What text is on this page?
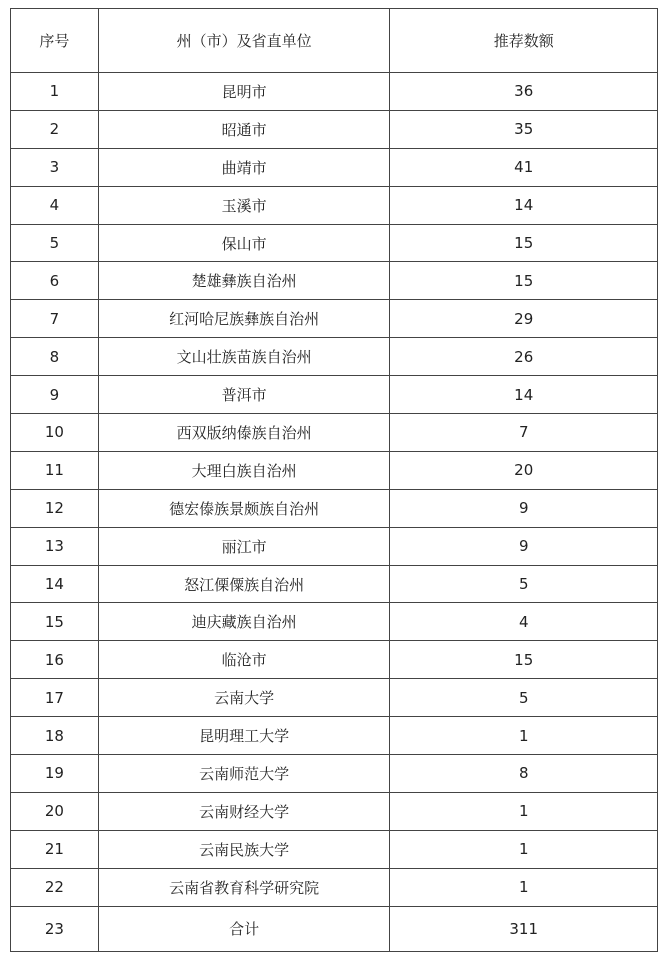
序号	州（市）及省直单位	推荐数额
1	昆明市	36
2	昭通市	35
3	曲靖市	41
4	玉溪市	14
5	保山市	15
6	楚雄彝族自治州	15
7	红河哈尼族彝族自治州	29
8	文山壮族苗族自治州	26
9	普洱市	14
10	西双版纳傣族自治州	7
11	大理白族自治州	20
12	德宏傣族景颇族自治州	9
13	丽江市	9
14	怒江傈僳族自治州	5
15	迪庆藏族自治州	4
16	临沧市	15
17	云南大学	5
18	昆明理工大学	1
19	云南师范大学	8
20	云南财经大学	1
21	云南民族大学	1
22	云南省教育科学研究院	1
23	合计	311
